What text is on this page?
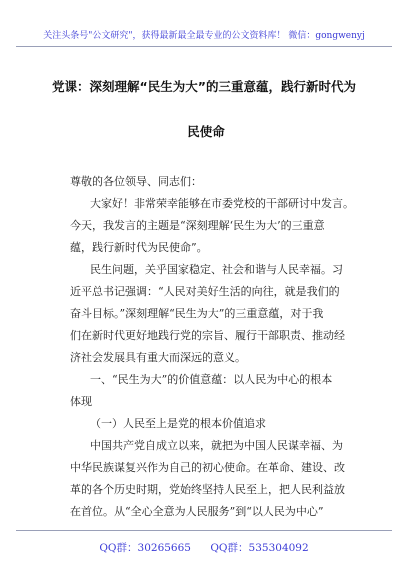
关注头条号"公文研究"，获得最新最全最专业的公文资料库！ 微信：gongwenyj
党课：深刻理解“民生为大”的三重意蕴，践行新时代为
民使命
尊敬的各位领导、同志们：
大家好！非常荣幸能够在市委党校的干部研讨中发言。
今天，我发言的主题是“深刻理解‘民生为大’的三重意
蕴，践行新时代为民使命”。
民生问题，关乎国家稳定、社会和谐与人民幸福。习
近平总书记强调：“人民对美好生活的向往，就是我们的
奋斗目标。”深刻理解“民生为大”的三重意蕴，对于我
们在新时代更好地践行党的宗旨、履行干部职责、推动经
济社会发展具有重大而深远的意义。
一、“民生为大”的价值意蕴：以人民为中心的根本
体现
（一）人民至上是党的根本价值追求
中国共产党自成立以来，就把为中国人民谋幸福、为
中华民族谋复兴作为自己的初心使命。在革命、建设、改
革的各个历史时期，党始终坚持人民至上，把人民利益放
在首位。从“全心全意为人民服务”到“以人民为中心”
QQ群：30265665 QQ群：535304092
